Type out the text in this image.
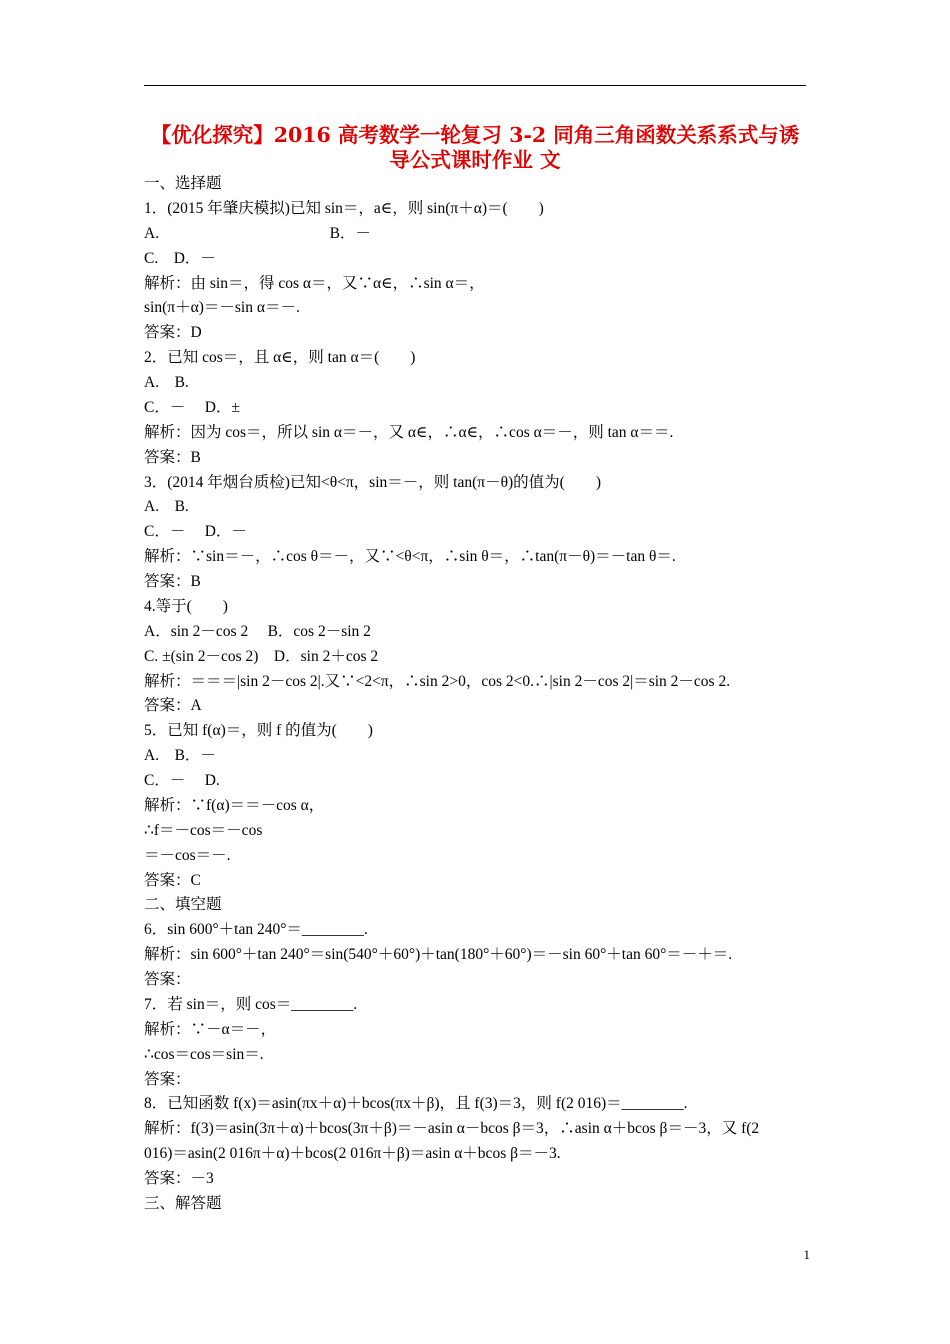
【优化探究】2016 高考数学一轮复习 3-2 同角三角函数关系系式与诱
导公式课时作业 文
一、选择题
1．(2015 年肇庆模拟)已知 sin＝，a∈，则 sin(π＋α)＝(　　)
A.　　　　　　　　　　　B．－
C.　D．－
解析：由 sin＝，得 cos α＝，又∵α∈，∴sin α＝，
sin(π＋α)＝－sin α＝－.
答案：D
2．已知 cos＝，且 α∈，则 tan α＝(　　)
A.　B.
C．－　 D．±
解析：因为 cos＝，所以 sin α＝－，又 α∈，∴α∈，∴cos α＝－，则 tan α＝＝.
答案：B
3．(2014 年烟台质检)已知<θ<π，sin＝－，则 tan(π－θ)的值为(　　)
A.　B.
C．－　 D．－
解析：∵sin＝－，∴cos θ＝－，又∵<θ<π，∴sin θ＝，∴tan(π－θ)＝－tan θ＝.
答案：B
4.等于(　　)
A．sin 2－cos 2　 B．cos 2－sin 2
C. ±(sin 2－cos 2)　D．sin 2＋cos 2
解析：＝＝＝|sin 2－cos 2|.又∵<2<π，∴sin 2>0，cos 2<0.∴|sin 2－cos 2|＝sin 2－cos 2.
答案：A
5．已知 f(α)＝，则 f 的值为(　　)
A.　B．－
C．－　 D.
解析：∵f(α)＝＝－cos α，
∴f＝－cos＝－cos
＝－cos＝－.
答案：C
二、填空题
6．sin 600°＋tan 240°＝________.
解析：sin 600°＋tan 240°＝sin(540°＋60°)＋tan(180°＋60°)＝－sin 60°＋tan 60°＝－＋＝.
答案：
7．若 sin＝，则 cos＝________.
解析：∵－α＝－，
∴cos＝cos＝sin＝.
答案：
8．已知函数 f(x)＝asin(πx＋α)＋bcos(πx＋β)，且 f(3)＝3，则 f(2 016)＝________.
解析：f(3)＝asin(3π＋α)＋bcos(3π＋β)＝－asin α－bcos β＝3，∴asin α＋bcos β＝－3，又 f(2
016)＝asin(2 016π＋α)＋bcos(2 016π＋β)＝asin α＋bcos β＝－3.
答案：－3
三、解答题
1
